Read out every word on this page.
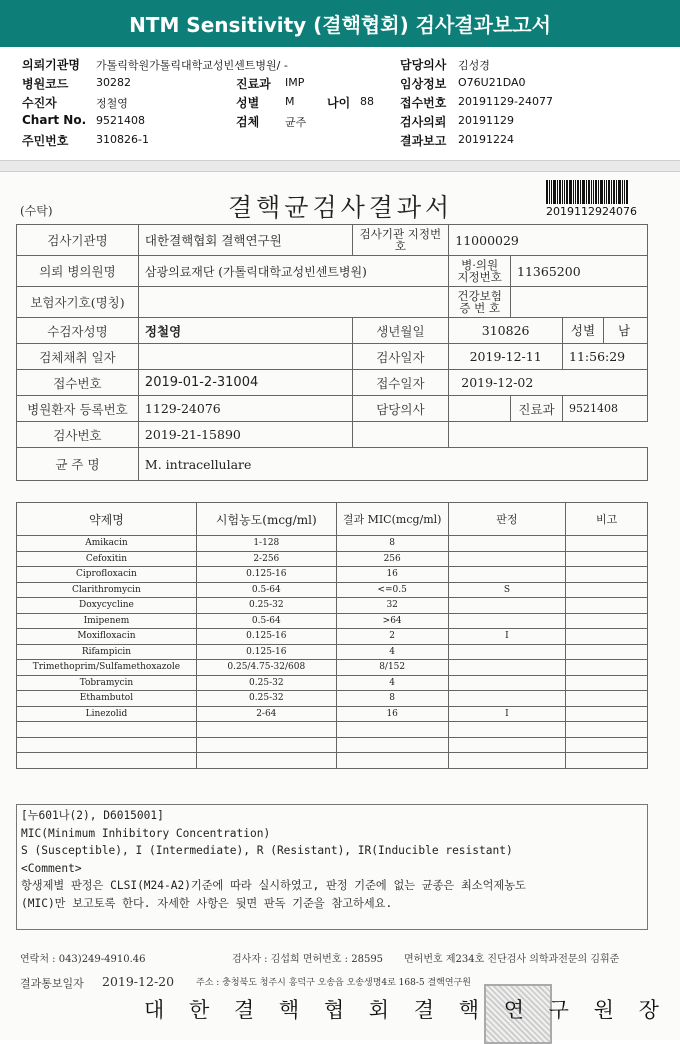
NTM Sensitivity (결핵협회) 검사결과보고서
의뢰기관명 가톨릭학원가톨릭대학교성빈센트병원/ -	담당의사 김성경
병원코드	30282	진료과 IMP	임상정보 O76U21DA0
수진자	정철영	성별 M	나이 88 접수번호 20191129-24077
Chart No. 9521408	검체 균주	검사의뢰 20191129
주민번호	310826-1	결과보고 20191224
(수탁)	결핵균검사결과서	2019112924076
검사기관명	대한결핵협회 결핵연구원	검사기관 지정번호	11000029		
의뢰 병의원명	삼광의료재단 (가톨릭대학교성빈센트병원)		병·의원 지정번호	11365200	
보험자기호(명칭)			건강보험 증 번 호		
수검자성명	정철영	생년월일	310826		성별 남
검체채취 일자		검사일자	2019-12-11		11:56:29
접수번호	2019-01-2-31004	접수일자	2019-12-02		
병원환자 등록번호	1129-24076	담당의사		진료과	9521408
검사번호	2019-21-15890				
균 주 명	M. intracellulare				
약제명	시험농도(mcg/ml)	결과 MIC(mcg/ml)	판정	비고
Amikacin	1-128	8		
Cefoxitin	2-256	256		
Ciprofloxacin	0.125-16	16		
Clarithromycin	0.5-64	<=0.5	S	
Doxycycline	0.25-32	32		
Imipenem	0.5-64	>64		
Moxifloxacin	0.125-16	2	I	
Rifampicin	0.125-16	4		
Trimethoprim/Sulfamethoxazole	0.25/4.75-32/608	8/152		
Tobramycin	0.25-32	4		
Ethambutol	0.25-32	8		
Linezolid	2-64	16	I	

[누601나(2), D6015001]
MIC(Minimum Inhibitory Concentration)
S (Susceptible), I (Intermediate), R (Resistant), IR(Inducible resistant)
<Comment>
항생제별 판정은 CLSI(M24-A2)기준에 따라 실시하였고, 판정 기준에 없는 균종은 최소억제농도
(MIC)만 보고토록 한다. 자세한 사항은 뒷면 판독 기준을 참고하세요.
연락처 : 043)249-4910.46	검사자 : 김섭희 면허번호 : 28595 면허번호 제234호 진단검사 의학과전문의 김휘준
결과통보일자 2019-12-20 주소 : 충청북도 청주시 흥덕구 오송읍 오송생명4로 168-5 결핵연구원
대 한 결 핵 협 회 결 핵 연 구 원 장
